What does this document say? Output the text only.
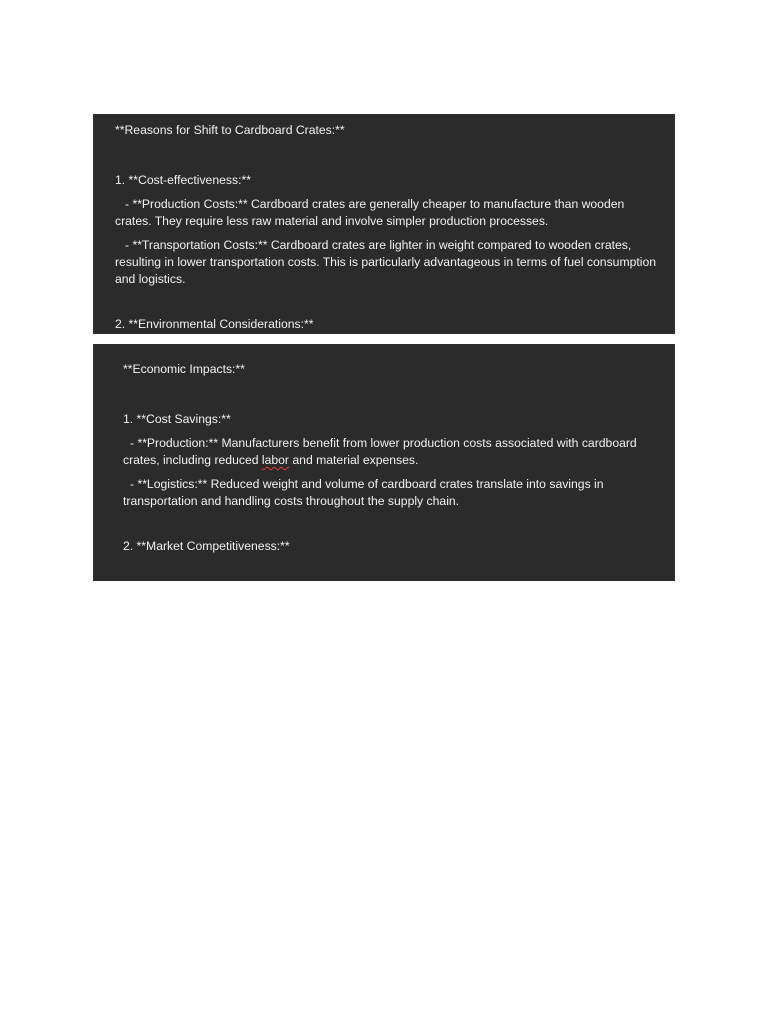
**Reasons for Shift to Cardboard Crates:**

1. **Cost-effectiveness:**

- **Production Costs:** Cardboard crates are generally cheaper to manufacture than wooden crates. They require less raw material and involve simpler production processes.

- **Transportation Costs:** Cardboard crates are lighter in weight compared to wooden crates, resulting in lower transportation costs. This is particularly advantageous in terms of fuel consumption and logistics.

2. **Environmental Considerations:**

**Economic Impacts:**

1. **Cost Savings:**

- **Production:** Manufacturers benefit from lower production costs associated with cardboard crates, including reduced labor and material expenses.

- **Logistics:** Reduced weight and volume of cardboard crates translate into savings in transportation and handling costs throughout the supply chain.

2. **Market Competitiveness:**
